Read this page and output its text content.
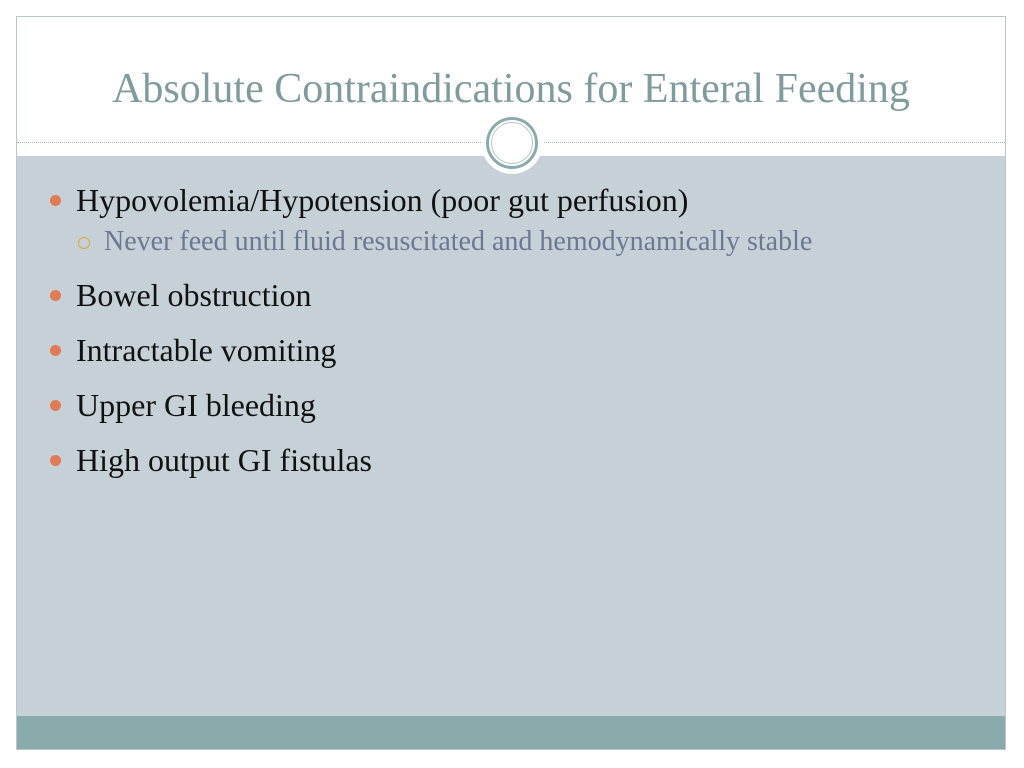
Absolute Contraindications for Enteral Feeding
Hypovolemia/Hypotension (poor gut perfusion)
Never feed until fluid resuscitated and hemodynamically stable
Bowel obstruction
Intractable vomiting
Upper GI bleeding
High output GI fistulas
